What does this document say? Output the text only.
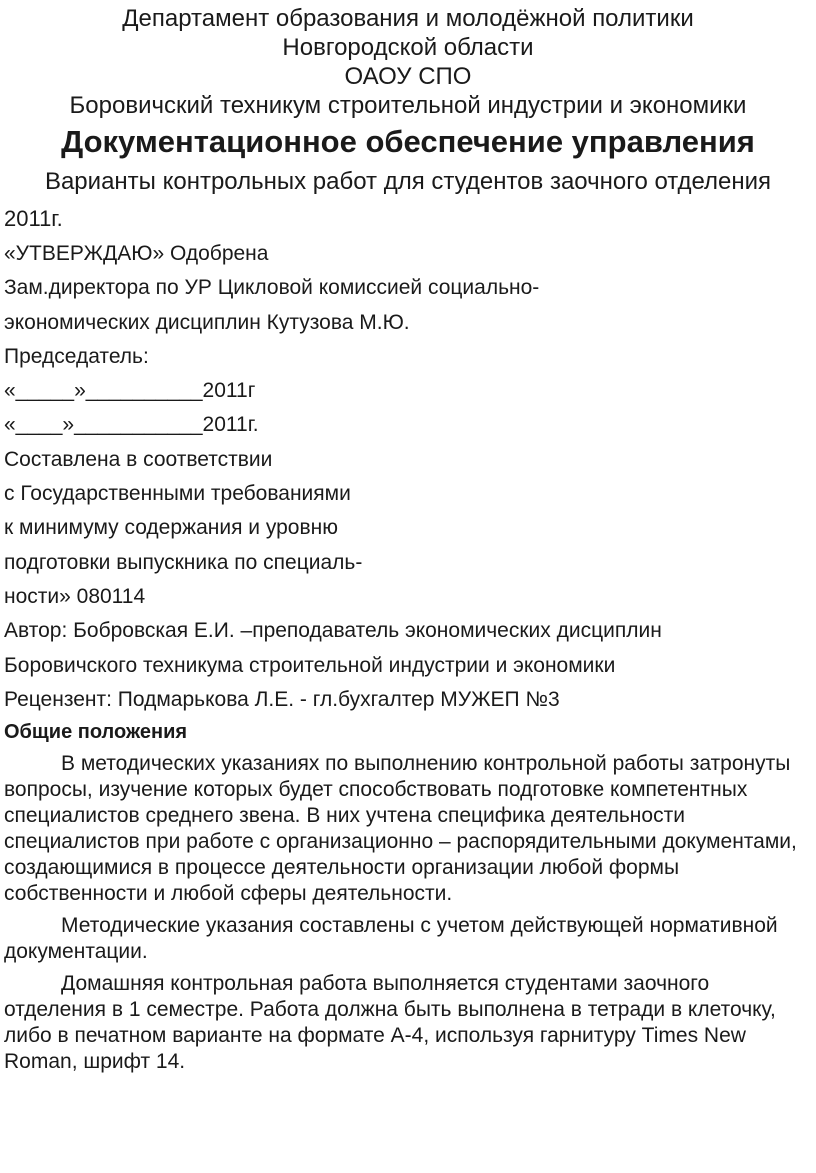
Департамент образования и молодёжной политики
Новгородской области
ОАОУ СПО
Боровичский техникум строительной индустрии и экономики
Документационное обеспечение управления
Варианты контрольных работ для студентов заочного отделения
2011г.
«УТВЕРЖДАЮ» Одобрена
Зам.директора по УР Цикловой комиссией социально-
экономических дисциплин Кутузова М.Ю.
Председатель:
«_____»__________2011г
«____»___________2011г.
Составлена в соответствии
с Государственными требованиями
к минимуму содержания и уровню
подготовки выпускника по специаль-
ности» 080114
Автор: Бобровская Е.И. –преподаватель экономических дисциплин
Боровичского техникума строительной индустрии и экономики
Рецензент: Подмарькова Л.Е. - гл.бухгалтер МУЖЕП №3
Общие положения

В методических указаниях по выполнению контрольной работы затронуты вопросы, изучение которых будет способствовать подготовке компетентных специалистов среднего звена. В них учтена специфика деятельности специалистов при работе с организационно – распорядительными документами, создающимися в процессе деятельности организации любой формы собственности и любой сферы деятельности.

Методические указания составлены с учетом действующей нормативной документации.

Домашняя контрольная работа выполняется студентами заочного отделения в 1 семестре. Работа должна быть выполнена в тетради в клеточку, либо в печатном варианте на формате А-4, используя гарнитуру Times New Roman, шрифт 14.
